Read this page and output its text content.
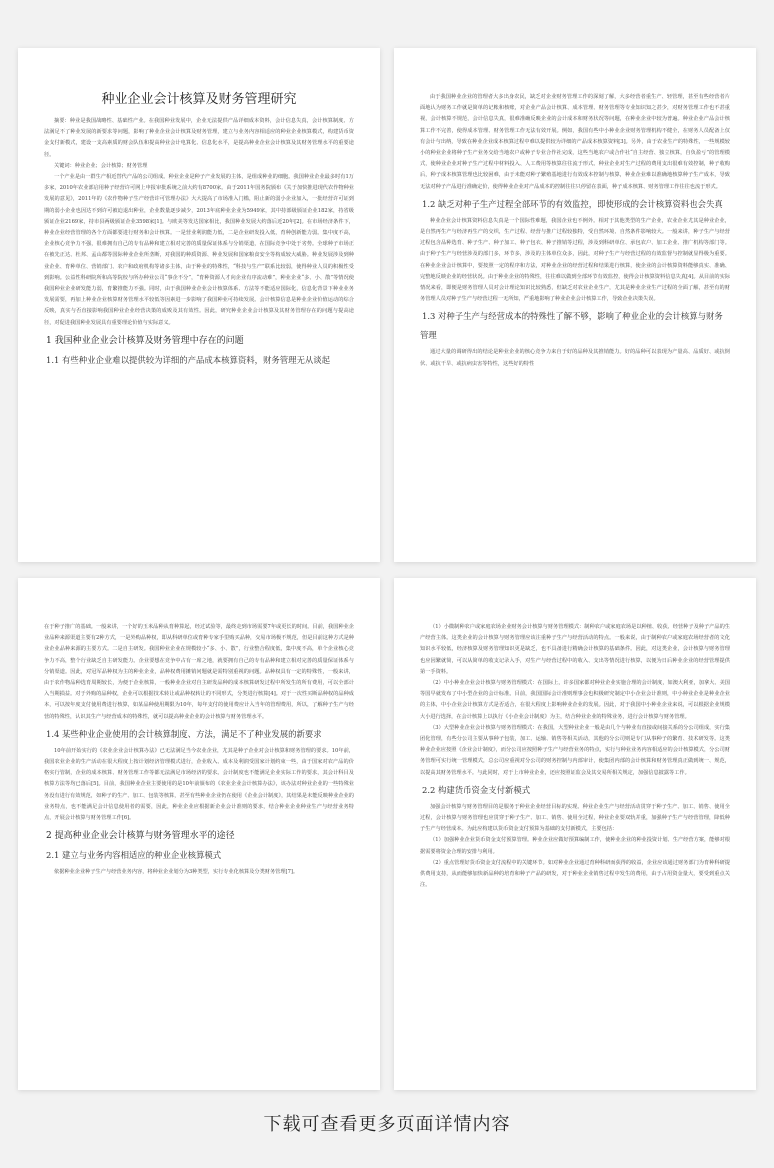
种业企业会计核算及财务管理研究

摘要：种业是我国战略性、基础性产业。在我国种业发展中，企业无法提供产品详细成本资料，会计信息失真，会计核算制度、方法满足不了种业发展的新要求等问题，影响了种业企业会计核算及财务管理，建立与业务内容相适应的种业企业核算模式，构建货币资金支付新模式，建设一支高素质的财会队伍和提高种业会计电算化、信息化水平，是提高种业企业会计核算及其财务管理水平的重要途径。

关键词：种业企业；会计核算；财务管理

一个产业是由一群生产相近替代产品的公司组成。种业企业是种子产业发展的主体，是组成种业的细胞。我国种业企业最多时有1万多家，2010年农业部启用种子经营许可网上申报审批系统之前大约有8700家。由于2011年国务院颁布《关于加快推进现代农作物种业发展的意见》，2011年的《农作物种子生产经营许可管理办法》大大提高了市场准入门槛，阻止新的弱小企业加入，一批经营许可证到期的弱小企业也因达不到许可被迫退出种业，企业数量逐步减少，2013年底种业企业为5949家，其中持部级颁证企业182家，持省级颁证企业2169家，持市县两级颁证企业3598家[1]。与欧美等发达国家相比，我国种业发展大约落后近20年[2]。在市场经济条件下，种业企业经营管理的各个方面都要进行财务和会计核算。一是营业利润能力低，二是企业研发投入低，育种创新能力弱。集中度不高，企业核心竞争力不强，很难拥有自己的专有品种和建立相对完善的质量保证体系与分销渠道，在国际竞争中处于劣势。全球种子市场正在被先正达、杜邦、孟山都等国际种业企业所垄断，对我国的种质资源、种业发展和国家粮食安全等构成较大威胁。种业发展涉及到种业企业、育种单位、营销部门、农户和政府机构等诸多主体，由于种业的特殊性，“科技与生产”联系比较弱，使得种业人员的积极性受到影响。公益性科研院所和高等院校与所办种业公司“事企不分”，“育种资源人才向企业有序流动难”，种业企业“多、小、散”等情况使我国种业企业研发能力弱，育繁推能力不强。同时，由于我国种业企业会计核算体系、方法等不能适应国际化，信息化背景下种业业务发展需要，再加上种业企业核算财务管理水平较低等因素进一步影响了我国种业可持续发展。会计核算信息是种业企业价值运动的综合反映，真实与否直接影响我国种业企业经营决策的成败及其有效性。因此，研究种业企业会计核算及其财务管理存在的问题与提高途径，对促进我国种业发展具有重要理论价值与实际意义。

1 我国种业企业会计核算及财务管理中存在的问题
1.1 有些种业企业难以提供较为详细的产品成本核算资料，财务管理无从谈起

由于我国种业企业的管理者大多出身农民，缺乏对企业财务管理工作的深刻了解，大多经营者重生产、轻管理，甚至有些经营者片面地认为财务工作就是简单的记帐和核账，对企业产品会计核算、成本管理、财务管理等专业知识知之甚少，对财务管理工作也不甚重视，会计核算不规范，会计信息失真，很难准确反映企业的会计成本和财务状况等问题，在种业企业中较为普遍。种业企业产品会计核算工作不完善，使得成本管理、财务管理工作无法有效开展。例如，我国有些中小种业企业财务管理机构不健全，在财务人员配备上仅有会计与出纳，导致在种业企业成本核算过程中难以提供较为详细的产品成本核算资料[3]。另外，由于农业生产的特殊性，一些规模较小的种业企业将种子生产业务交给当地农户或种子专业合作社完成，这些当地农户或合作社“自主经营、独立核算，自负盈亏”的管理模式，使种业企业对种子生产过程中材料投入、人工费用等核算往往流于形式。种业企业对生产过程的费用支出很难有效控制，种子收购后，种子成本核算管理也比较困难，由于未能对种子繁殖基地进行有效成本控制与核算，种业企业难以准确地核算种子生产成本，导致无法对种子产品进行准确定价，使得种业企业对产品成本的控制往往只停留在表面，种子成本核算、财务管理工作往往也流于形式。

1.2 缺乏对种子生产过程全部环节的有效监控，即使形成的会计核算资料也会失真

种业企业会计核算资料信息失真是一个国际性难题，我国企业也不例外。相对于其他类型的生产企业，农业企业尤其是种业企业，是自然再生产与经济再生产的交织，生产过程、经营与推广过程较独特，受自然环境、自然条件影响较大。一般来讲，种子生产与经营过程包含品种选育、种子生产、种子加工、种子包衣、种子推销等过程，涉及到科研单位、承包农户、加工企业、推广机构等部门等。由于种子生产与经营涉及的部门多，环节多，涉及的主体单位众多，因此，对种子生产与经营过程的有效监督与控制就显得极为重要。在种业企业会计核算中，要按照一定的程序和方法，对种业企业的经营过程和结果进行核算，使企业的会计核算资料能够真实、准确、完整地反映企业的经营状况。由于种业企业的特殊性，往往难以做到全部环节有效监控，使得会计核算资料信息失真[4]。从目前的实际情况来看，即便是财务管理人员对会计理论知识比较熟悉，但缺乏对农业企业生产，尤其是种业企业生产过程的全面了解，甚至有的财务管理人员对种子生产与经营过程一无所知，严重地影响了种业企业会计核算工作，导致企业决策失误。

1.3 对种子生产与经营成本的特殊性了解不够，影响了种业企业的会计核算与财务管理

通过大量的调研得出的结论是种业企业的核心竞争力来自于好的品种及其推销能力。好的品种可以表现为产量高、品质好、或抗倒伏、或抗干旱、或抗病虫害等特性，这些好的特性

在于种子推广的基础。一般来讲，一个好的玉米品种从育种算起，经过试验等，最终走到市场需要7年或更长的时间。目前，我国种业企业品种来源渠道主要有2种方式，一是外购品种权，即从科研单位或育种专家手里购买品种，交易市场极不规范，但是目前这种方式是种业企业品种来源的主要方式。二是自主研发。我国种业企业在规模较小“多、小、散”，行业整合程度低，集中度不高，单个企业核心竞争力不高，整个行业缺乏自主研发能力。企业要想在竞争中占有一席之地，就要拥有自己的专有品种和建立相对完善的质量保证体系与分销渠道。因此，对冠军品种权为主的种业企业，品种权费用摊销问题就是需特别重视的问题。品种权具有一定的特殊性，一般来讲，由于农作物品种选育周期较长，为便于企业核算，一般种业企业对自主研发品种的成本核算研发过程中所发生的所有费用，可以全部计入当期损益。对于外购的品种权，企业可以根据技术转让或品种权转让的不同形式，分类进行核算[4]。对于一次性买断品种权的品种成本，可以按年度支付使用费进行核算，如某品种使用期限为10年，每年支付的使用费应计入当年的管理费用，所以，了解种子生产与经营的特殊性，认识其生产与经营成本的特殊性，就可以提高种业企业的会计核算与财务管理水平。

1.4 某些种业企业使用的会计核算制度、方法，满足不了种业发展的新要求

10年前开始实行的《农业企业会计核算办法》已无法满足当今农业企业，尤其是种子企业对会计核算和财务管理的要求。10年前，我国农业企业的生产活动在很大程度上按计划经济管理模式进行，企业收入、成本及利润受国家计划约束一些，由于国家对农产品的价格实行管制，企业的成本核算、财务管理工作等都无法满足市场经济的要求。会计制度也不能满足企业实际工作的要求，其会计科目及核算方法等均已落后[5]。目前，我国种业企业主要使用的是10年前颁布的《农业企业会计核算办法》，该办法对种业企业的一些特殊业务没有进行有效规范，如种子的生产、加工、包装等核算，甚至有些种业企业仍在使用《企业会计制度》，其结果是未能反映种业企业的业务特点，也不能满足会计信息使用者的需要，因此，种业企业应根据新企业会计准则的要求，结合种业企业种业生产与经营业务特点，开展会计核算与财务管理工作[6]。

2 提高种业企业会计核算与财务管理水平的途径
2.1 建立与业务内容相适应的种业企业核算模式

依据种业企业种子生产与经营业务内容，将种业企业划分为3种类型，实行专业化核算及分类财务管理[7]。

（1）小微制种农户或家庭农场企业财务会计核算与财务管理模式：制种农户或家庭农场是以种植、收获、经营种子及种子产品的生产经营主体。这类企业的会计核算与财务管理应该注重种子生产与经营活动的特点。一般来说，由于制种农户或家庭农场经营者的文化知识水平较低，经济核算及财务管理知识更是缺乏，也不具备进行精确会计核算的基础条件。因此，对这类企业，会计核算与财务管理也应因繁就简，可以从简单的收支记录入手，对生产与经营过程中的收入、支出等情况进行核算，以便为日后种业企业的经营管理提供第一手资料。

（2）中小种业企业会计核算与财务管理模式：在国际上，许多国家都对种业企业实施合理的会计制度，如澳大利亚，加拿大、美国等国早就发布了中小型企业的会计标准。目前，我国国际会计准则理事会也积极研究制定中小企业会计准则，中小种业企业是种业企业的主体，中小企业会计核算方式是否适合，在很大程度上影响种业企业的发展。因此，对于我国中小种业企业来说，可以根据企业规模大小进行选择，在会计核算上以执行《小企业会计制度》为主，结合种业企业的特殊业务，进行会计核算与财务管理。

（3）大型种业企业会计核算与财务管理模式：在我国，大型种业企业一般是由几个与种业有直接或间接关系的分公司组成，实行集团化管理，有些分公司主要从事种子包装，加工、运输、销售等相关活动，其他的分公司则是专门从事种子的繁育、技术研发等。这类种业企业应按照《企业会计制度》，而分公司应按照种子生产与经营业务的特点，实行与种业业务内容相适应的会计核算模式，分公司财务管理可实行统一管理模式，总公司应重视对分公司的财务控制与内部审计，使集团内部的会计核算和财务管理真正做到统一、规范，以提高其财务管理水平。与此同时，对于上市种业企业，还应按照证监会及其交易所相关规定，加强信息披露等工作。

2.2 构建货币资金支付新模式

加强会计核算与财务管理目的是服务于种业企业经营目标的实现。种业企业生产与经营活动贯穿于种子生产、加工、销售、使用全过程，会计核算与财务管理也应贯穿于种子生产、加工、销售、使用全过程，种业企业要双轨并重，加强种子生产与经营管理，降低种子生产与经营成本。为此应构建以货币资金支付预算为基础的支付新模式，主要包括：

（1）加强种业企业货币资金支付预算管理。种业企业应做好预算编制工作，使种业企业的种业投资计划、生产经营方案，能够对根据需要将资金合理的安排与利用。

（2）重点管理好货币资金支付流程中的关键环节。如对种业企业通过育种科研而获得的收益，企业应该通过财务部门为育种科研提供费用支持，从而能够加快新品种的培育和种子产品的研发，对于种业企业销售过程中发生的费用，由于占用资金量大，要受到重点关注。

下载可查看更多页面详情内容
